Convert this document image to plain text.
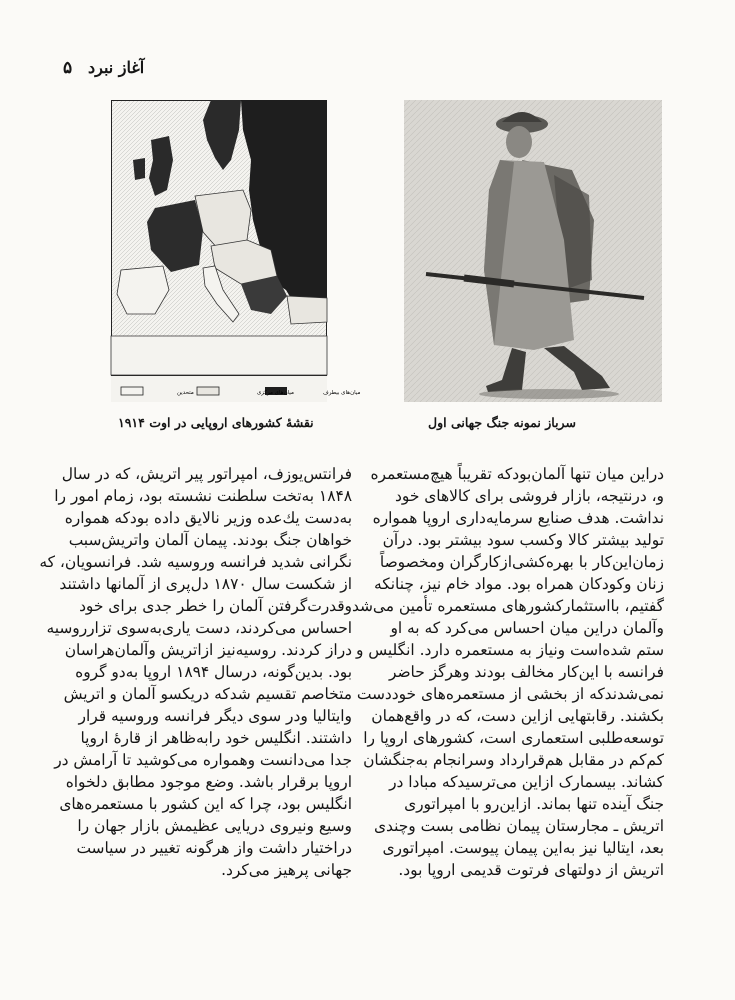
۵ آغاز نبرد
سرباز نمونه جنگ جهانی اول
متحدین	میان‌های مرکزی	میان‌های بیطرف
نقشهٔ کشورهای اروپایی در اوت ۱۹۱۴

دراین میان تنها آلمان‌بودکه تقریباً هیچ‌مستعمره

و، درنتیجه، بازار فروشی برای کالاهای خود

نداشت. هدف صنایع سرمایه‌داری اروپا همواره

تولید بیشتر کالا وکسب سود بیشتر بود. درآن

زمان‌این‌کار با بهره‌کشی‌ازکارگران ومخصوصاً

زنان وکودکان همراه بود. مواد خام نیز، چنانکه

گفتیم، بااستثمارکشورهای مستعمره تأمین می‌شد

وآلمان دراین میان احساس می‌کرد که به او

ستم شده‌است ونیاز به مستعمره دارد. انگلیس و

فرانسه با این‌کار مخالف بودند وهرگز حاضر

نمی‌شدندکه از بخشی از مستعمره‌های خوددست

بکشند. رقابتهایی ازاین دست، که در واقع‌همان

توسعه‌طلبی استعماری است، کشورهای اروپا را

کم‌کم در مقابل هم‌قرارداد وسرانجام به‌جنگشان

کشاند. بیسمارک ازاین می‌ترسیدکه مبادا در

جنگ آینده تنها بماند. ازاین‌رو با امپراتوری

اتریش ـ مجارستان پیمان نظامی بست وچندی

بعد، ایتالیا نیز به‌این پیمان پیوست. امپراتوری

اتریش از دولتهای فرتوت قدیمی اروپا بود.

فرانتس‌یوزف، امپراتور پیر اتریش، که در سال

۱۸۴۸ به‌تخت سلطنت نشسته بود، زمام امور را

به‌دست یك‌عده وزیر نالایق داده بودکه همواره

خواهان جنگ بودند. پیمان آلمان واتریش‌سبب

نگرانی شدید فرانسه وروسیه شد. فرانسویان، که

از شکست سال ۱۸۷۰ دل‌پری از آلمانها داشتند

وقدرت‌گرفتن آلمان را خطر جدی برای خود

احساس می‌کردند، دست یاری‌به‌سوی تزارروسیه

دراز کردند. روسیه‌نیز ازاتریش وآلمان‌هراسان

بود. بدین‌گونه، درسال ۱۸۹۴ اروپا به‌دو گروه

متخاصم تقسیم شدکه دریکسو آلمان و اتریش

وایتالیا ودر سوی دیگر فرانسه وروسیه قرار

داشتند. انگلیس خود رابه‌ظاهر از قارهٔ اروپا

جدا می‌دانست وهمواره می‌کوشید تا آرامش در

اروپا برقرار باشد. وضع موجود مطابق دلخواه

انگلیس بود، چرا که این کشور با مستعمره‌های

وسیع ونیروی دریایی عظیمش بازار جهان را

دراختیار داشت واز هرگونه تغییر در سیاست

جهانی پرهیز می‌کرد.
